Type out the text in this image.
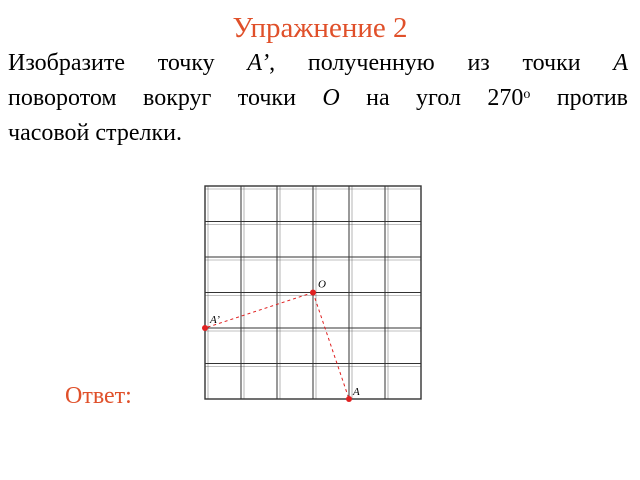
Упражнение 2
Изобразите точку A’, полученную из точки A
поворотом вокруг точки O на угол 270$^o$ против
часовой стрелки.
O
A
A’
Ответ:
